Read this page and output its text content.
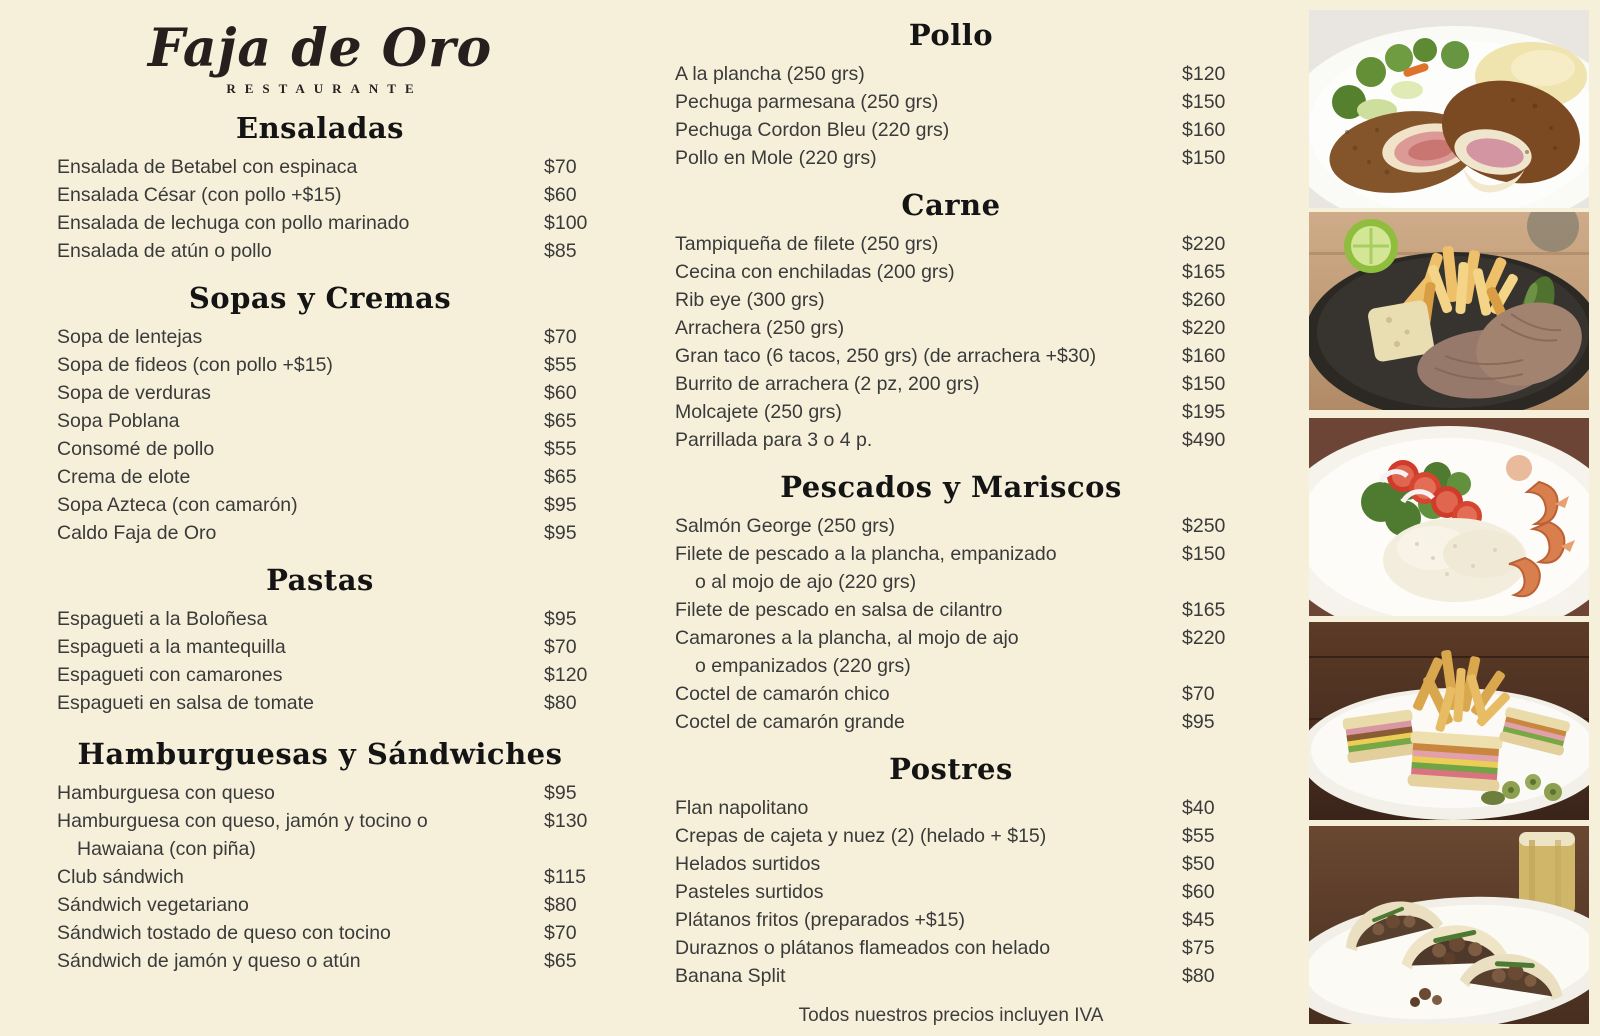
Faja de Oro
RESTAURANTE
Ensaladas
Ensalada de Betabel con espinaca	$70
Ensalada César (con pollo +$15)	$60
Ensalada de lechuga con pollo marinado	$100
Ensalada de atún o pollo	$85
Sopas y Cremas
Sopa de lentejas	$70
Sopa de fideos (con pollo +$15)	$55
Sopa de verduras	$60
Sopa Poblana	$65
Consomé de pollo	$55
Crema de elote	$65
Sopa Azteca (con camarón)	$95
Caldo Faja de Oro	$95
Pastas
Espagueti a la Boloñesa	$95
Espagueti a la mantequilla	$70
Espagueti con camarones	$120
Espagueti en salsa de tomate	$80
Hamburguesas y Sándwiches
Hamburguesa con queso	$95
Hamburguesa con queso, jamón y tocino o	$130
Hawaiana (con piña)
Club sándwich	$115
Sándwich vegetariano	$80
Sándwich tostado de queso con tocino	$70
Sándwich de jamón y queso o atún	$65
Pollo
A la plancha (250 grs)	$120
Pechuga parmesana (250 grs)	$150
Pechuga Cordon Bleu (220 grs)	$160
Pollo en Mole (220 grs)	$150
Carne
Tampiqueña de filete (250 grs)	$220
Cecina con enchiladas (200 grs)	$165
Rib eye (300 grs)	$260
Arrachera (250 grs)	$220
Gran taco (6 tacos, 250 grs) (de arrachera +$30)	$160
Burrito de arrachera (2 pz, 200 grs)	$150
Molcajete (250 grs)	$195
Parrillada para 3 o 4 p.	$490
Pescados y Mariscos
Salmón George (250 grs)	$250
Filete de pescado a la plancha, empanizado	$150
o al mojo de ajo (220 grs)
Filete de pescado en salsa de cilantro	$165
Camarones a la plancha, al mojo de ajo	$220
o empanizados (220 grs)
Coctel de camarón chico	$70
Coctel de camarón grande	$95
Postres
Flan napolitano	$40
Crepas de cajeta y nuez (2) (helado + $15)	$55
Helados surtidos	$50
Pasteles surtidos	$60
Plátanos fritos (preparados +$15)	$45
Duraznos o plátanos flameados con helado	$75
Banana Split	$80
Todos nuestros precios incluyen IVA
